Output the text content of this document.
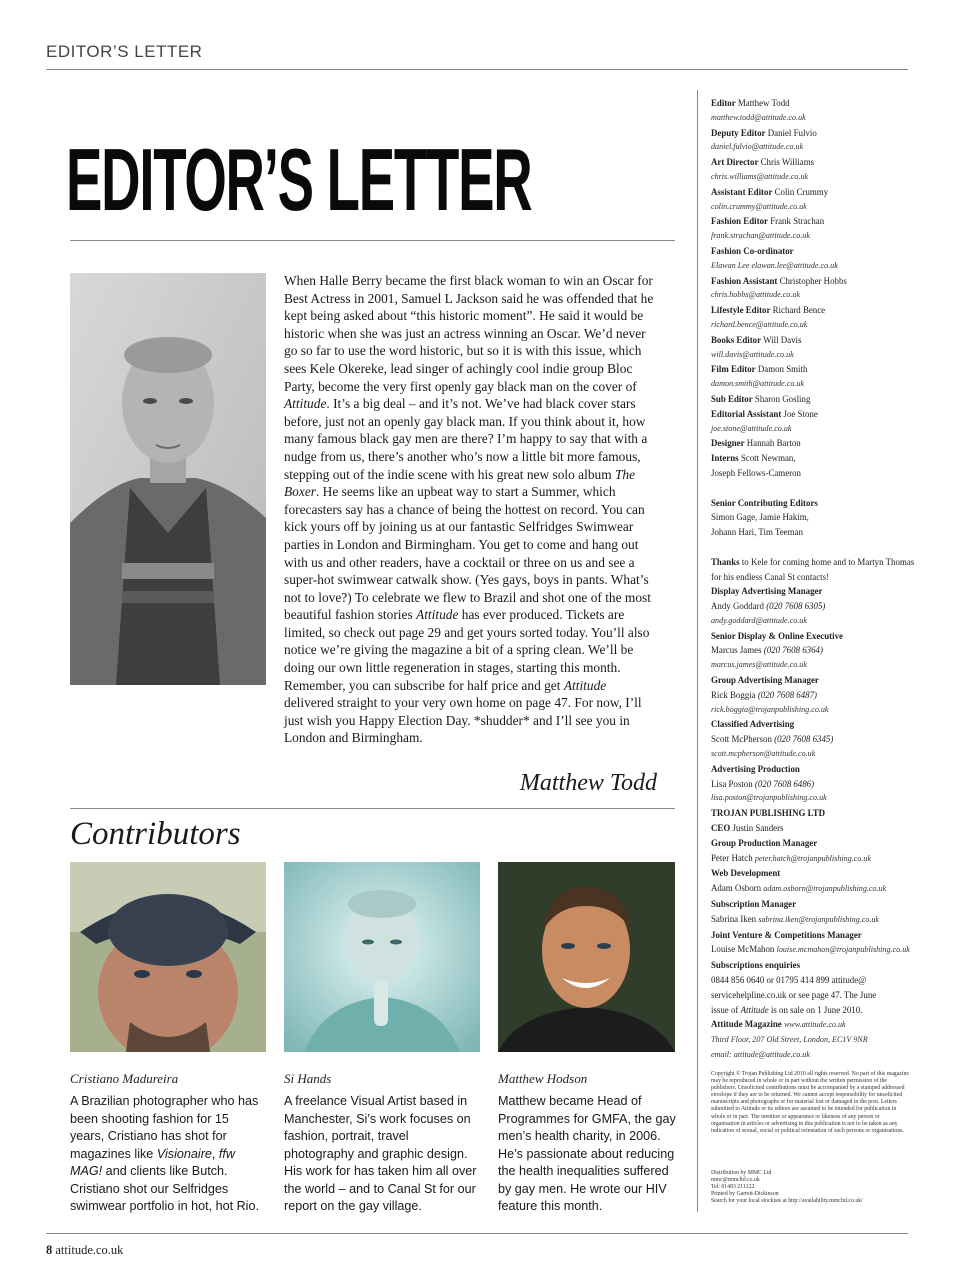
EDITOR’S LETTER
EDITOR’S LETTER

When Halle Berry became the first black woman to win an Oscar for Best Actress in 2001, Samuel L Jackson said he was offended that he kept being asked about “this historic moment”. He said it would be historic when she was just an actress winning an Oscar. We’d never go so far to use the word historic, but so it is with this issue, which sees Kele Okereke, lead singer of achingly cool indie group Bloc Party, become the very first openly gay black man on the cover of Attitude. It’s a big deal – and it’s not. We’ve had black cover stars before, just not an openly gay black man. If you think about it, how many famous black gay men are there? I’m happy to say that with a nudge from us, there’s another who’s now a little bit more famous, stepping out of the indie scene with his great new solo album The Boxer. He seems like an upbeat way to start a Summer, which forecasters say has a chance of being the hottest on record. You can kick yours off by joining us at our fantastic Selfridges Swimwear parties in London and Birmingham. You get to come and hang out with us and other readers, have a cocktail or three on us and see a super-hot swimwear catwalk show. (Yes gays, boys in pants. What’s not to love?) To celebrate we flew to Brazil and shot one of the most beautiful fashion stories Attitude has ever produced. Tickets are limited, so check out page 29 and get yours sorted today. You’ll also notice we’re giving the magazine a bit of a spring clean. We’ll be doing our own little regeneration in stages, starting this month. Remember, you can subscribe for half price and get Attitude delivered straight to your very own home on page 47. For now, I’ll just wish you Happy Election Day. *shudder* and I’ll see you in London and Birmingham.

Matthew Todd
Contributors
Cristiano Madureira
A Brazilian photographer who has been shooting fashion for 15 years, Cristiano has shot for magazines like Visionaire, ffw MAG! and clients like Butch. Cristiano shot our Selfridges swimwear portfolio in hot, hot Rio.
Si Hands
A freelance Visual Artist based in Manchester, Si’s work focuses on fashion, portrait, travel photography and graphic design. His work for has taken him all over the world – and to Canal St for our report on the gay village.
Matthew Hodson
Matthew became Head of Programmes for GMFA, the gay men’s health charity, in 2006. He’s passionate about reducing the health inequalities suffered by gay men. He wrote our HIV feature this month.
Editor Matthew Todd
matthew.todd@attitude.co.uk
Deputy Editor Daniel Fulvio
daniel.fulvio@attitude.co.uk
Art Director Chris Williams
chris.williams@attitude.co.uk
Assistant Editor Colin Crummy
colin.crummy@attitude.co.uk
Fashion Editor Frank Strachan
frank.strachan@attitude.co.uk
Fashion Co-ordinator
Elawan Lee elawan.lee@attitude.co.uk
Fashion Assistant Christopher Hobbs
chris.hobbs@attitude.co.uk
Lifestyle Editor Richard Bence
richard.bence@attitude.co.uk
Books Editor Will Davis
will.davis@attitude.co.uk
Film Editor Damon Smith
damon.smith@attitude.co.uk
Sub Editor Sharon Gosling
Editorial Assistant Joe Stone
joe.stone@attitude.co.uk
Designer Hannah Barton
Interns Scott Newman,
Joseph Fellows-Cameron
Senior Contributing Editors
Simon Gage, Jamie Hakim,
Johann Hari, Tim Teeman
Thanks to Kele for coming home and to Martyn Thomas for his endless Canal St contacts!
Display Advertising Manager
Andy Goddard (020 7608 6305)
andy.goddard@attitude.co.uk
Senior Display & Online Executive
Marcus James (020 7608 6364)
marcus.james@attitude.co.uk
Group Advertising Manager
Rick Boggia (020 7608 6487)
rick.boggia@trojanpublishing.co.uk
Classified Advertising
Scott McPherson (020 7608 6345)
scott.mcpherson@attitude.co.uk
Advertising Production
Lisa Poston (020 7608 6486)
lisa.poston@trojanpublishing.co.uk
TROJAN PUBLISHING LTD
CEO Justin Sanders
Group Production Manager
Peter Hatch peter.hatch@trojanpublishing.co.uk
Web Development
Adam Osborn adam.osborn@trojanpublishing.co.uk
Subscription Manager
Sabrina Iken sabrina.iken@trojanpublishing.co.uk
Joint Venture & Competitions Manager
Louise McMahon louise.mcmahon@trojanpublishing.co.uk
Subscriptions enquiries
0844 856 0640 or 01795 414 899 attitude@
servicehelpline.co.uk or see page 47. The June
issue of Attitude is on sale on 1 June 2010.
Attitude Magazine www.attitude.co.uk
Third Floor, 207 Old Street, London, EC1V 9NR
email: attitude@attitude.co.uk
Copyright © Trojan Publishing Ltd 2010 all rights reserved. No part of this magazine may be reproduced in whole or in part without the written permission of the publishers. Unsolicited contributions must be accompanied by a stamped addressed envelope if they are to be returned. We cannot accept responsibility for unsolicited manuscripts and photographs or for material lost or damaged in the post. Letters submitted to Attitude or its editors are assumed to be intended for publication in whole or in part. The mention or appearance or likeness of any person or organisation in articles or advertising in this publication is not to be taken as any indication of sexual, social or political orientation of such persons or organisations.
Distribution by MMC Ltd
mmc@mmcltd.co.uk
Tel: 01483 211222
Printed by Garrett-Dickinson
Search for your local stockists at http://availability.mmcltd.co.uk/
8 attitude.co.uk
